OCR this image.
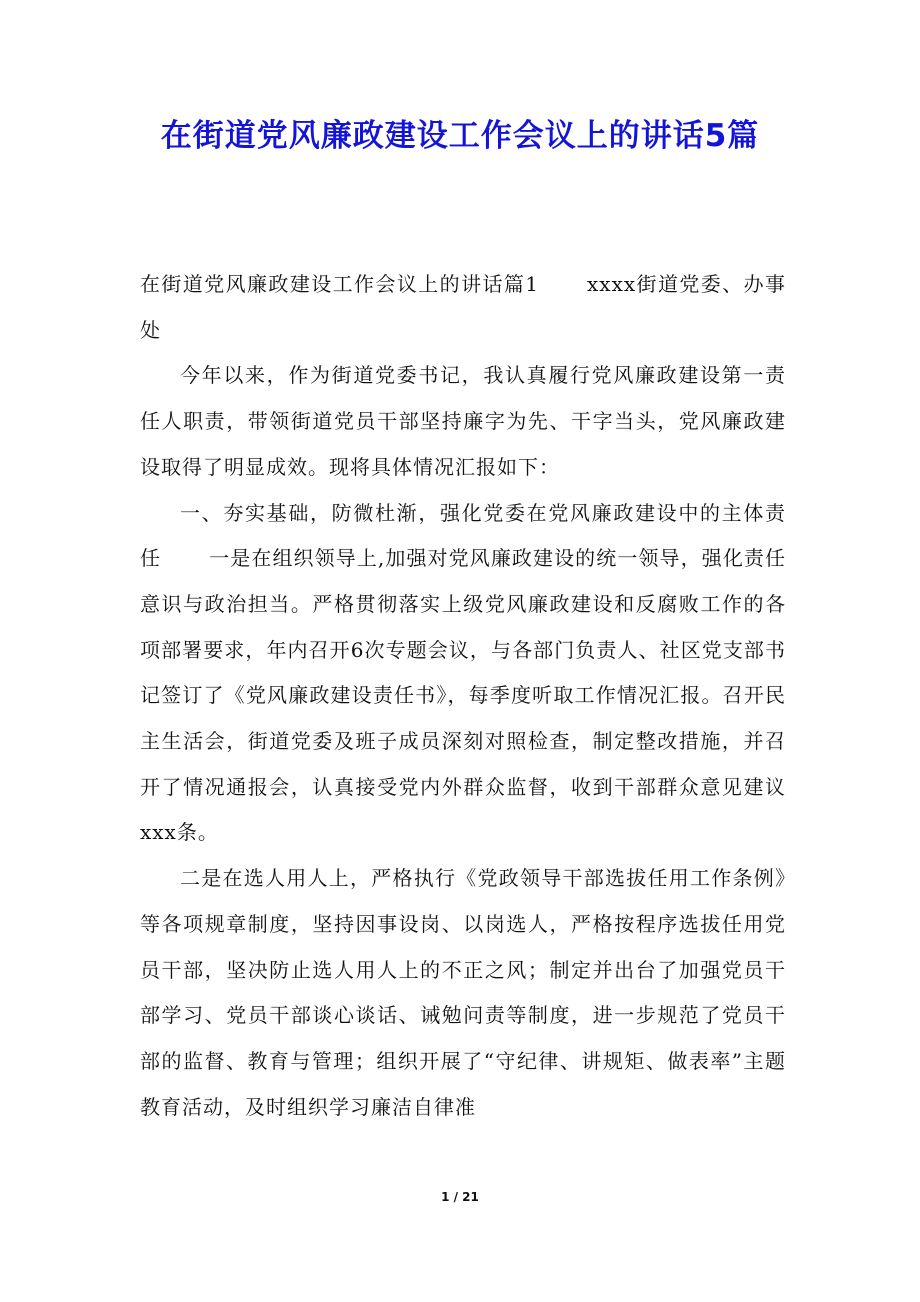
在街道党风廉政建设工作会议上的讲话5篇

在街道党风廉政建设工作会议上的讲话篇1 xxxx街道党委、办事处

今年以来，作为街道党委书记，我认真履行党风廉政建设第一责任人职责，带领街道党员干部坚持廉字为先、干字当头，党风廉政建设取得了明显成效。现将具体情况汇报如下：

一、夯实基础，防微杜渐，强化党委在党风廉政建设中的主体责任 一是在组织领导上,加强对党风廉政建设的统一领导，强化责任意识与政治担当。严格贯彻落实上级党风廉政建设和反腐败工作的各项部署要求，年内召开6次专题会议，与各部门负责人、社区党支部书记签订了《党风廉政建设责任书》，每季度听取工作情况汇报。召开民主生活会，街道党委及班子成员深刻对照检查，制定整改措施，并召开了情况通报会，认真接受党内外群众监督，收到干部群众意见建议xxx条。

二是在选人用人上，严格执行《党政领导干部选拔任用工作条例》等各项规章制度，坚持因事设岗、以岗选人，严格按程序选拔任用党员干部，坚决防止选人用人上的不正之风；制定并出台了加强党员干部学习、党员干部谈心谈话、诫勉问责等制度，进一步规范了党员干部的监督、教育与管理；组织开展了“守纪律、讲规矩、做表率”主题教育活动，及时组织学习廉洁自律准

1 / 21
